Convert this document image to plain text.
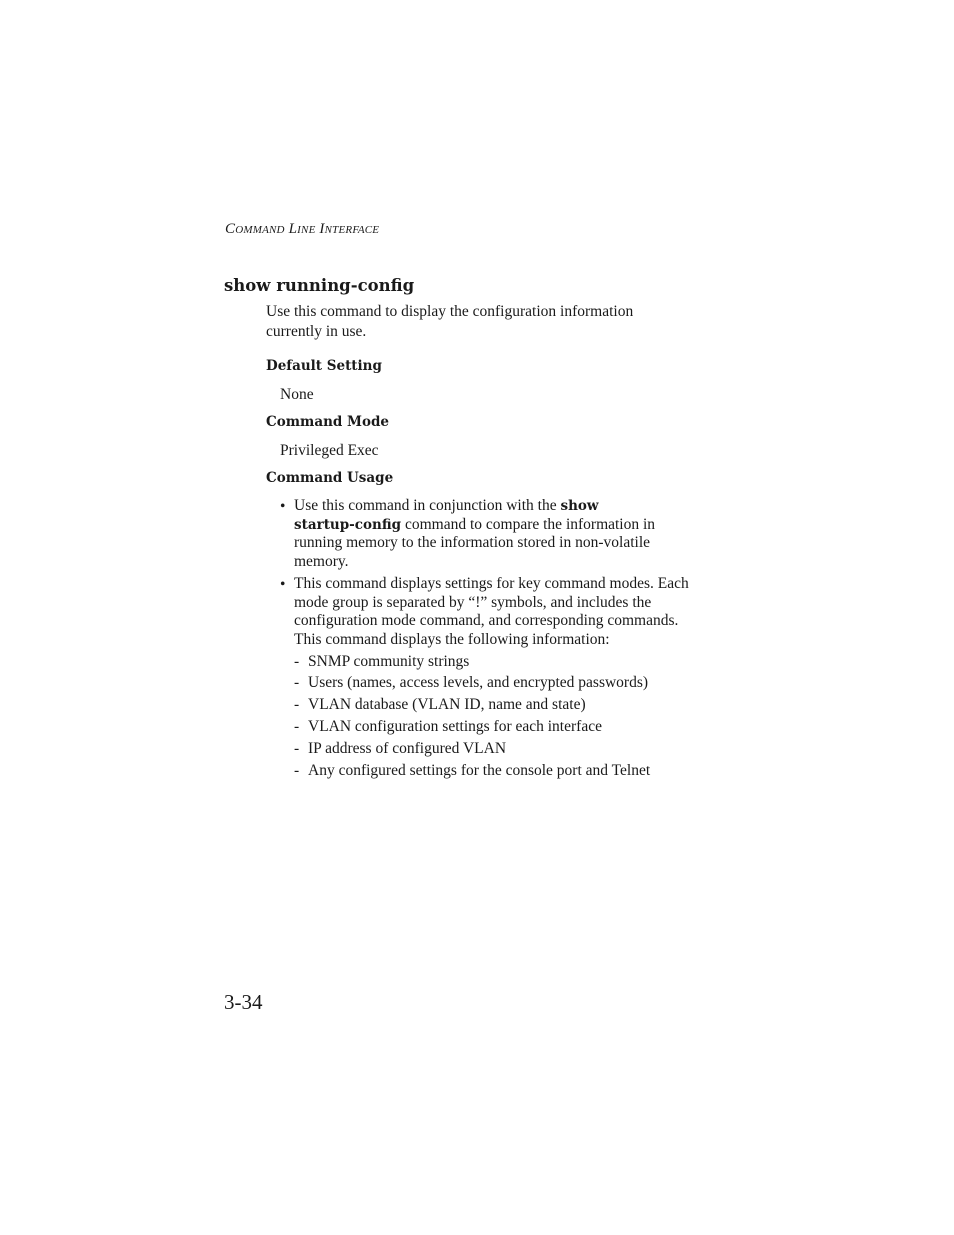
Command Line Interface
show running-config
Use this command to display the configuration information
currently in use.
Default Setting
None
Command Mode
Privileged Exec
Command Usage
• Use this command in conjunction with the show
startup-config command to compare the information in
running memory to the information stored in non-volatile
memory.
• This command displays settings for key command modes. Each
mode group is separated by “!” symbols, and includes the
configuration mode command, and corresponding commands.
This command displays the following information:
- SNMP community strings
- Users (names, access levels, and encrypted passwords)
- VLAN database (VLAN ID, name and state)
- VLAN configuration settings for each interface
- IP address of configured VLAN
- Any configured settings for the console port and Telnet
3-34
